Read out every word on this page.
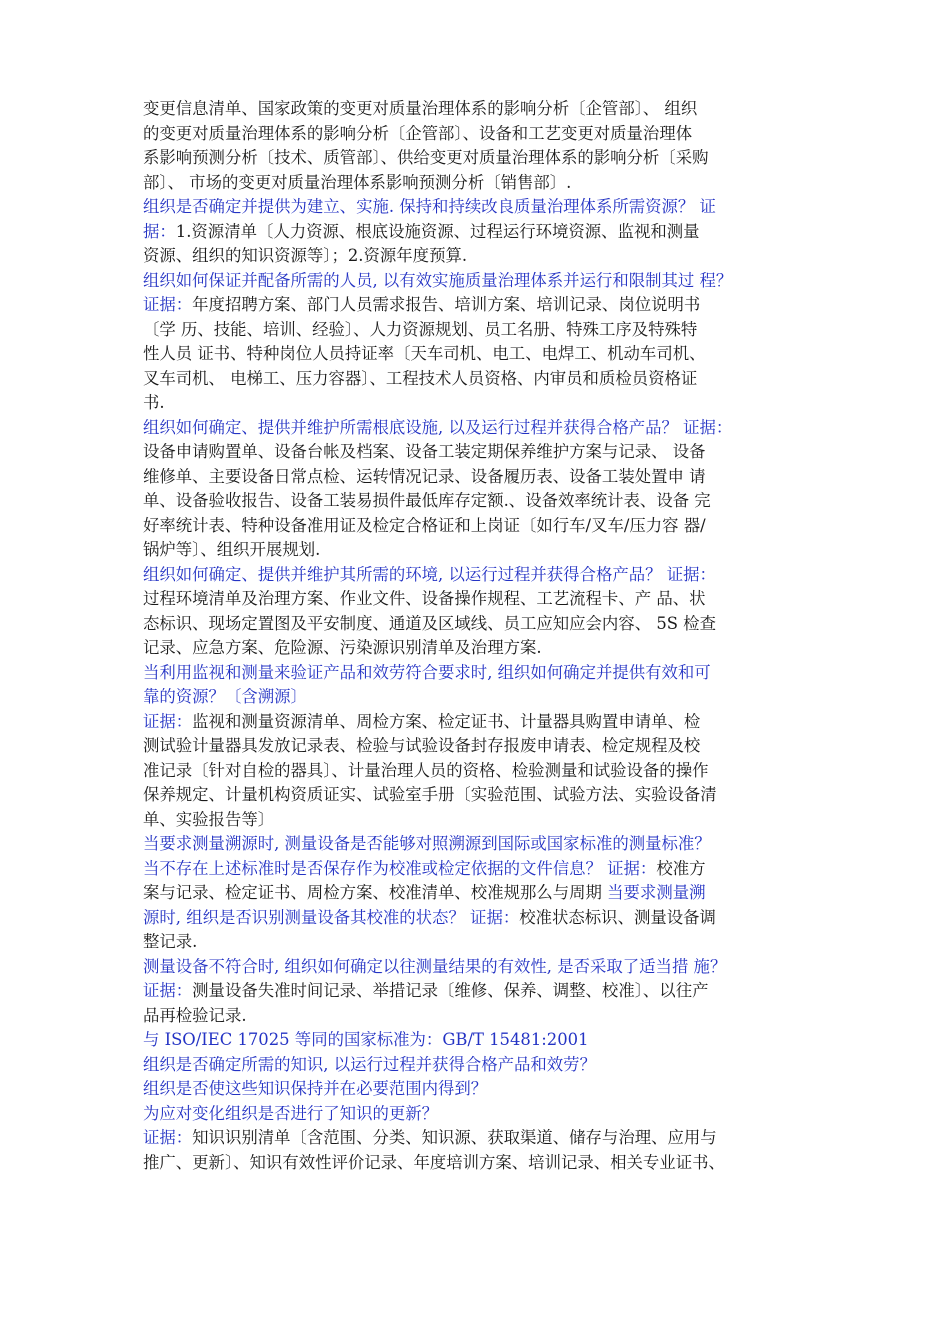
变更信息清单、国家政策的变更对质量治理体系的影响分析〔企管部〕、 组织
的变更对质量治理体系的影响分析〔企管部〕、设备和工艺变更对质量治理体
系影响预测分析〔技术、质管部〕、供给变更对质量治理体系的影响分析〔采购
部〕、 市场的变更对质量治理体系影响预测分析〔销售部〕.
组织是否确定并提供为建立、实施. 保持和持续改良质量治理体系所需资源？ 证
据：1.资源清单〔人力资源、根底设施资源、过程运行环境资源、监视和测量
资源、组织的知识资源等〕；2.资源年度预算.
组织如何保证并配备所需的人员, 以有效实施质量治理体系并运行和限制其过 程？
证据：年度招聘方案、部门人员需求报告、培训方案、培训记录、岗位说明书
〔学 历、技能、培训、经验〕、人力资源规划、员工名册、特殊工序及特殊特
性人员 证书、特种岗位人员持证率〔天车司机、电工、电焊工、机动车司机、
叉车司机、 电梯工、压力容器〕、工程技术人员资格、内审员和质检员资格证
书.
组织如何确定、提供并维护所需根底设施, 以及运行过程并获得合格产品？ 证据：
设备申请购置单、设备台帐及档案、设备工装定期保养维护方案与记录、 设备
维修单、主要设备日常点检、运转情况记录、设备履历表、设备工装处置申 请
单、设备验收报告、设备工装易损件最低库存定额.、设备效率统计表、设备 完
好率统计表、特种设备准用证及检定合格证和上岗证〔如行车/叉车/压力容 器/
锅炉等〕、组织开展规划.
组织如何确定、提供并维护其所需的环境, 以运行过程并获得合格产品？ 证据：
过程环境清单及治理方案、作业文件、设备操作规程、工艺流程卡、产 品、状
态标识、现场定置图及平安制度、通道及区域线、员工应知应会内容、 5S 检查
记录、应急方案、危险源、污染源识别清单及治理方案.
当利用监视和测量来验证产品和效劳符合要求时, 组织如何确定并提供有效和可
靠的资源？〔含溯源〕
证据：监视和测量资源清单、周检方案、检定证书、计量器具购置申请单、检
测试验计量器具发放记录表、检验与试验设备封存报废申请表、检定规程及校
准记录〔针对自检的器具〕、计量治理人员的资格、检验测量和试验设备的操作
保养规定、计量机构资质证实、试验室手册〔实验范围、试验方法、实验设备清
单、实验报告等〕
当要求测量溯源时, 测量设备是否能够对照溯源到国际或国家标准的测量标准？
当不存在上述标准时是否保存作为校准或检定依据的文件信息？ 证据：校准方
案与记录、检定证书、周检方案、校准清单、校准规那么与周期 当要求测量溯
源时, 组织是否识别测量设备其校准的状态？ 证据：校准状态标识、测量设备调
整记录.
测量设备不符合时, 组织如何确定以往测量结果的有效性, 是否采取了适当措 施？
证据：测量设备失准时间记录、举措记录〔维修、保养、调整、校准〕、以往产
品再检验记录.
与 ISO/IEC 17025 等同的国家标准为：GB/T 15481:2001
组织是否确定所需的知识, 以运行过程并获得合格产品和效劳？
组织是否使这些知识保持并在必要范围内得到？
为应对变化组织是否进行了知识的更新？
证据：知识识别清单〔含范围、分类、知识源、获取渠道、储存与治理、应用与
推广、更新〕、知识有效性评价记录、年度培训方案、培训记录、相关专业证书、
